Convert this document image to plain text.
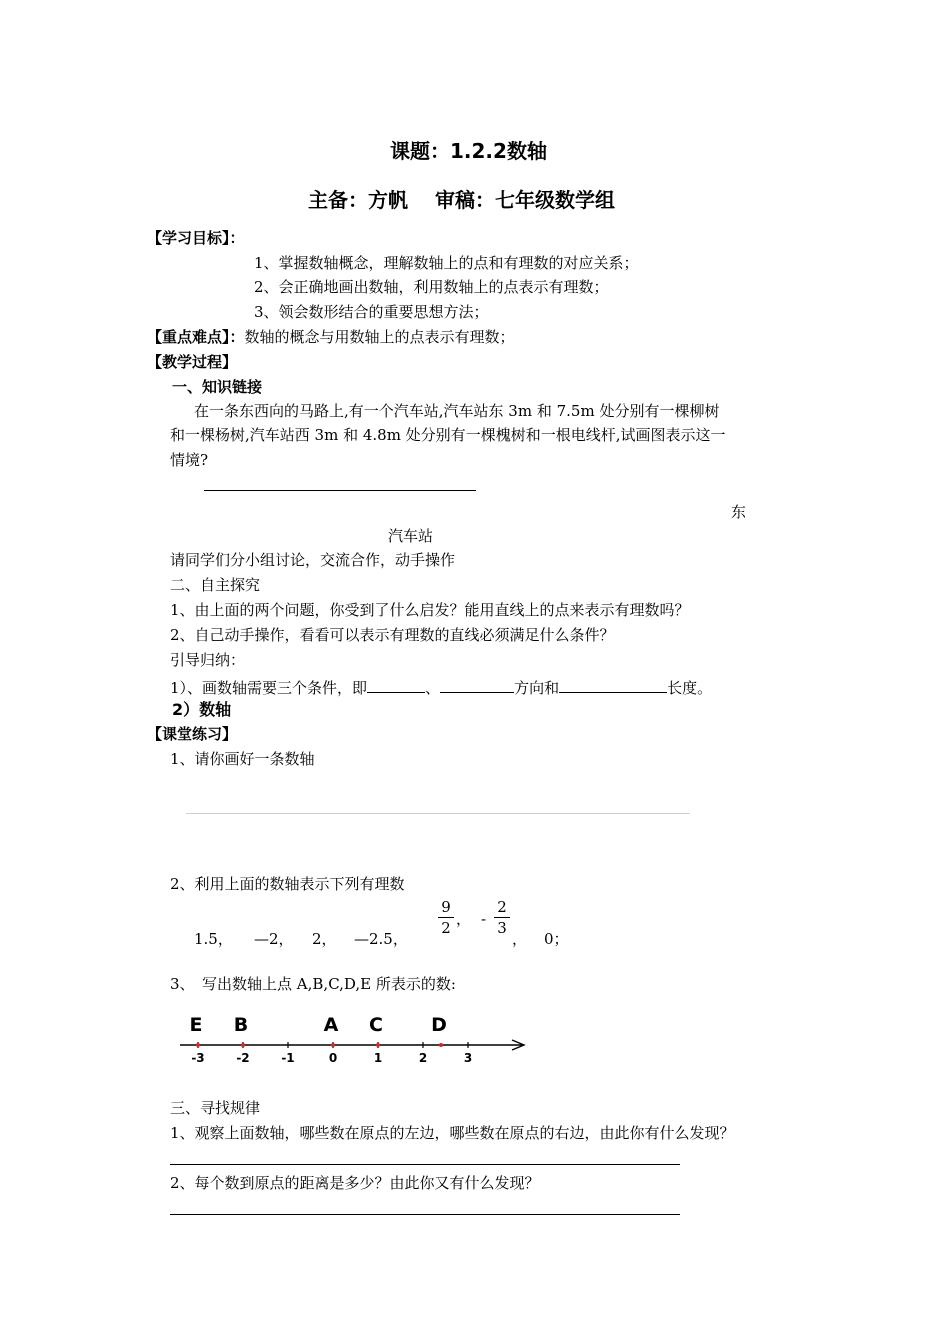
课题：1.2.2数轴
主备：方帆　 审稿：七年级数学组
【学习目标】：
1、掌握数轴概念，理解数轴上的点和有理数的对应关系；
2、会正确地画出数轴，利用数轴上的点表示有理数；
3、领会数形结合的重要思想方法；
【重点难点】：数轴的概念与用数轴上的点表示有理数；
【教学过程】
一、知识链接
在一条东西向的马路上,有一个汽车站,汽车站东 3m 和 7.5m 处分别有一棵柳树
和一棵杨树,汽车站西 3m 和 4.8m 处分别有一棵槐树和一根电线杆,试画图表示这一
情境?
东
汽车站
请同学们分小组讨论，交流合作，动手操作
二、自主探究
1、由上面的两个问题，你受到了什么启发？能用直线上的点来表示有理数吗？
2、自己动手操作，看看可以表示有理数的直线必须满足什么条件？
引导归纳：
1）、画数轴需要三个条件，即	、	方向和	长度。
2）数轴
【课堂练习】
1、请你画好一条数轴
2、利用上面的数轴表示下列有理数
1.5， —2， 2， —2.5，
$\frac{9}{2}$ ， - $\frac{2}{3}$
， 0；
3、　写出数轴上点 A,B,C,D,E 所表示的数:
-3	-2	-1	0	1	2	3
E B	A C	D
三、寻找规律
1、观察上面数轴，哪些数在原点的左边，哪些数在原点的右边，由此你有什么发现？
2、每个数到原点的距离是多少？由此你又有什么发现？
